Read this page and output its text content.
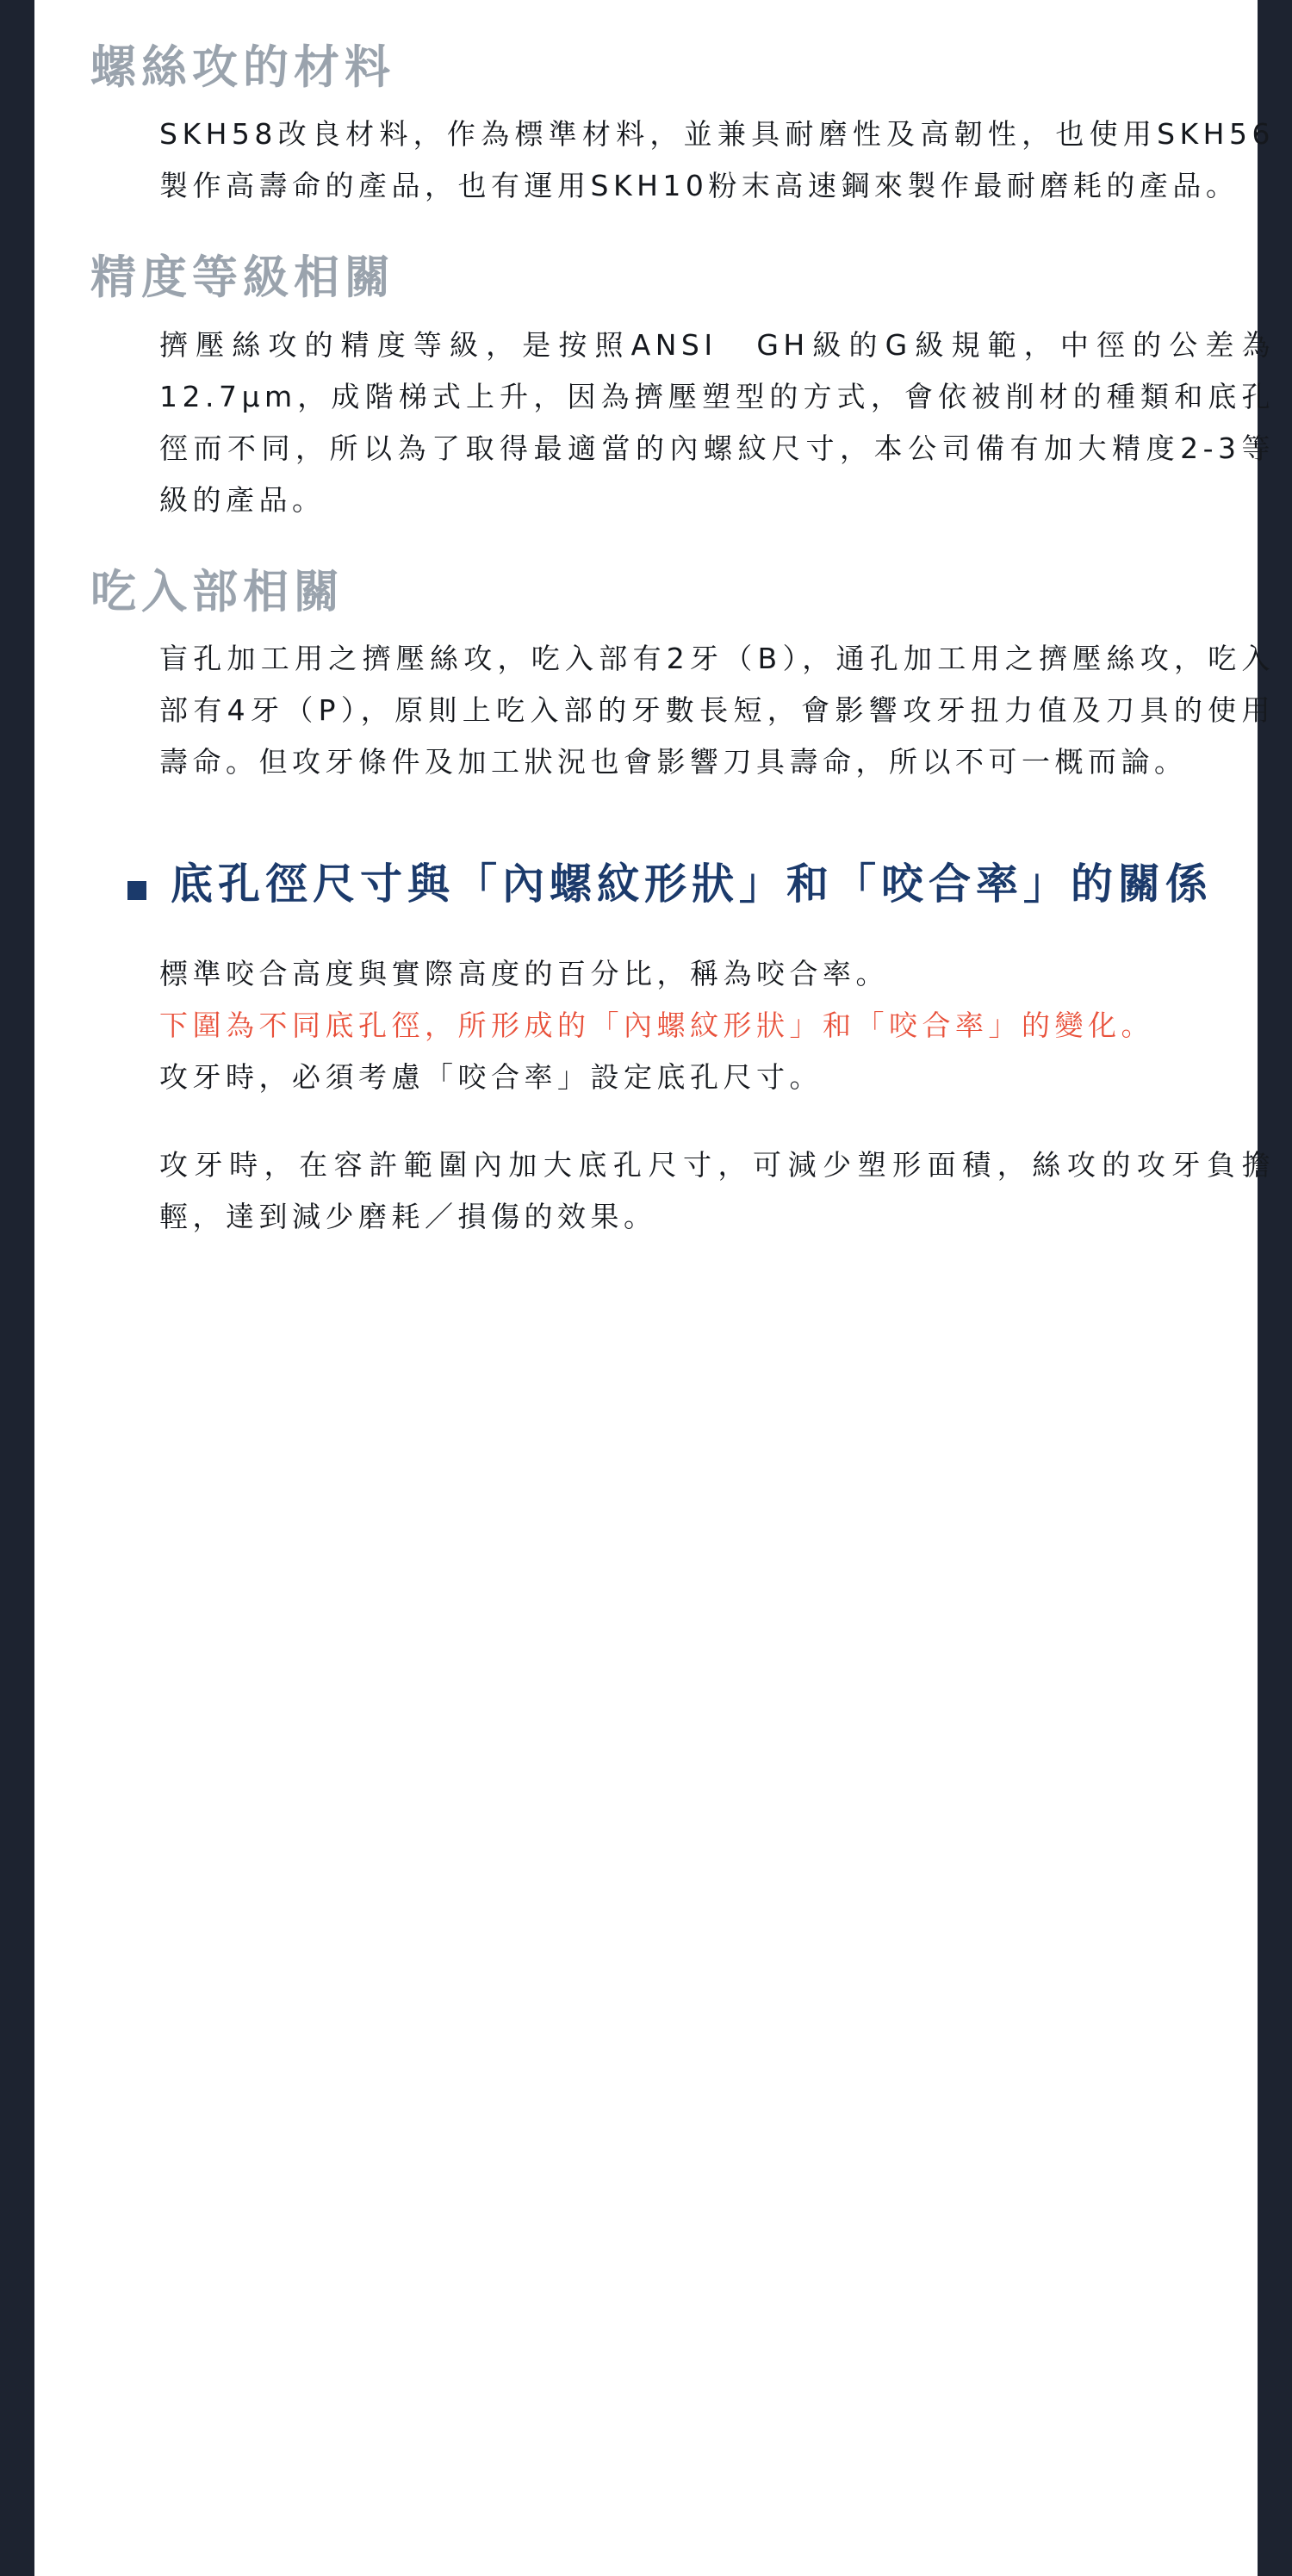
螺絲攻的材料

SKH58改良材料，作為標準材料，並兼具耐磨性及高韌性，也使用SKH56製作高壽命的產品，也有運用SKH10粉末高速鋼來製作最耐磨耗的產品。

精度等級相關

擠壓絲攻的精度等級，是按照ANSI　GH級的G級規範，中徑的公差為12.7μm，成階梯式上升，因為擠壓塑型的方式，會依被削材的種類和底孔徑而不同，所以為了取得最適當的內螺紋尺寸，本公司備有加大精度2-3等級的產品。

吃入部相關

盲孔加工用之擠壓絲攻，吃入部有2牙（B），通孔加工用之擠壓絲攻，吃入部有4牙（P），原則上吃入部的牙數長短，會影響攻牙扭力值及刀具的使用壽命。但攻牙條件及加工狀況也會影響刀具壽命，所以不可一概而論。

底孔徑尺寸與「內螺紋形狀」和「咬合率」的關係

標準咬合高度與實際高度的百分比，稱為咬合率。

下圍為不同底孔徑，所形成的「內螺紋形狀」和「咬合率」的變化。

攻牙時，必須考慮「咬合率」設定底孔尺寸。

攻牙時，在容許範圍內加大底孔尺寸，可減少塑形面積，絲攻的攻牙負擔輕，達到減少磨耗／損傷的效果。
